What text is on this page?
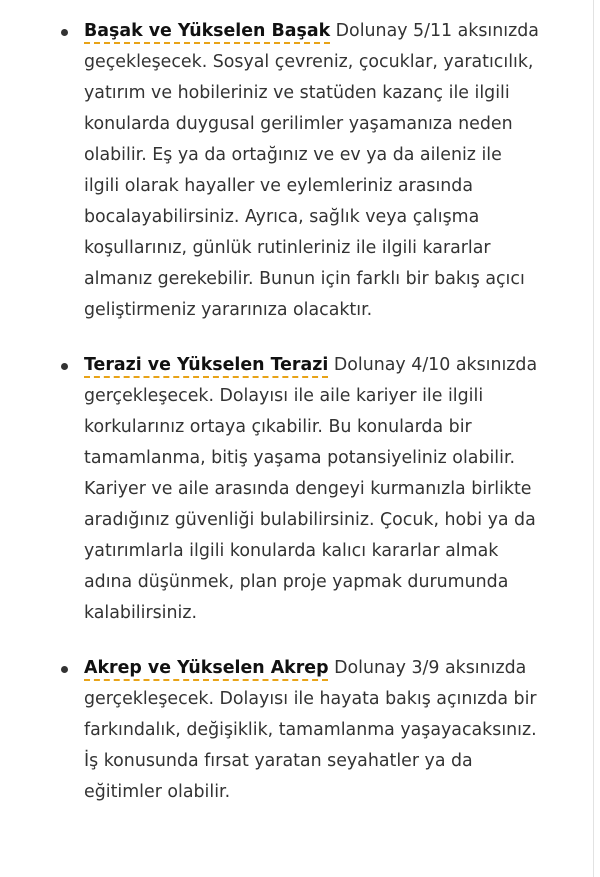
Başak ve Yükselen Başak Dolunay 5/11 aksınızda geçekleşecek. Sosyal çevreniz, çocuklar, yaratıcılık, yatırım ve hobileriniz ve statüden kazanç ile ilgili konularda duygusal gerilimler yaşamanıza neden olabilir. Eş ya da ortağınız ve ev ya da aileniz ile ilgili olarak hayaller ve eylemleriniz arasında bocalayabilirsiniz. Ayrıca, sağlık veya çalışma koşullarınız, günlük rutinleriniz ile ilgili kararlar almanız gerekebilir. Bunun için farklı bir bakış açıcı geliştirmeniz yararınıza olacaktır.
Terazi ve Yükselen Terazi Dolunay 4/10 aksınızda gerçekleşecek. Dolayısı ile aile kariyer ile ilgili korkularınız ortaya çıkabilir. Bu konularda bir tamamlanma, bitiş yaşama potansiyeliniz olabilir. Kariyer ve aile arasında dengeyi kurmanızla birlikte aradığınız güvenliği bulabilirsiniz. Çocuk, hobi ya da yatırımlarla ilgili konularda kalıcı kararlar almak adına düşünmek, plan proje yapmak durumunda kalabilirsiniz.
Akrep ve Yükselen Akrep Dolunay 3/9 aksınızda gerçekleşecek. Dolayısı ile hayata bakış açınızda bir farkındalık, değişiklik, tamamlanma yaşayacaksınız. İş konusunda fırsat yaratan seyahatler ya da eğitimler olabilir.
